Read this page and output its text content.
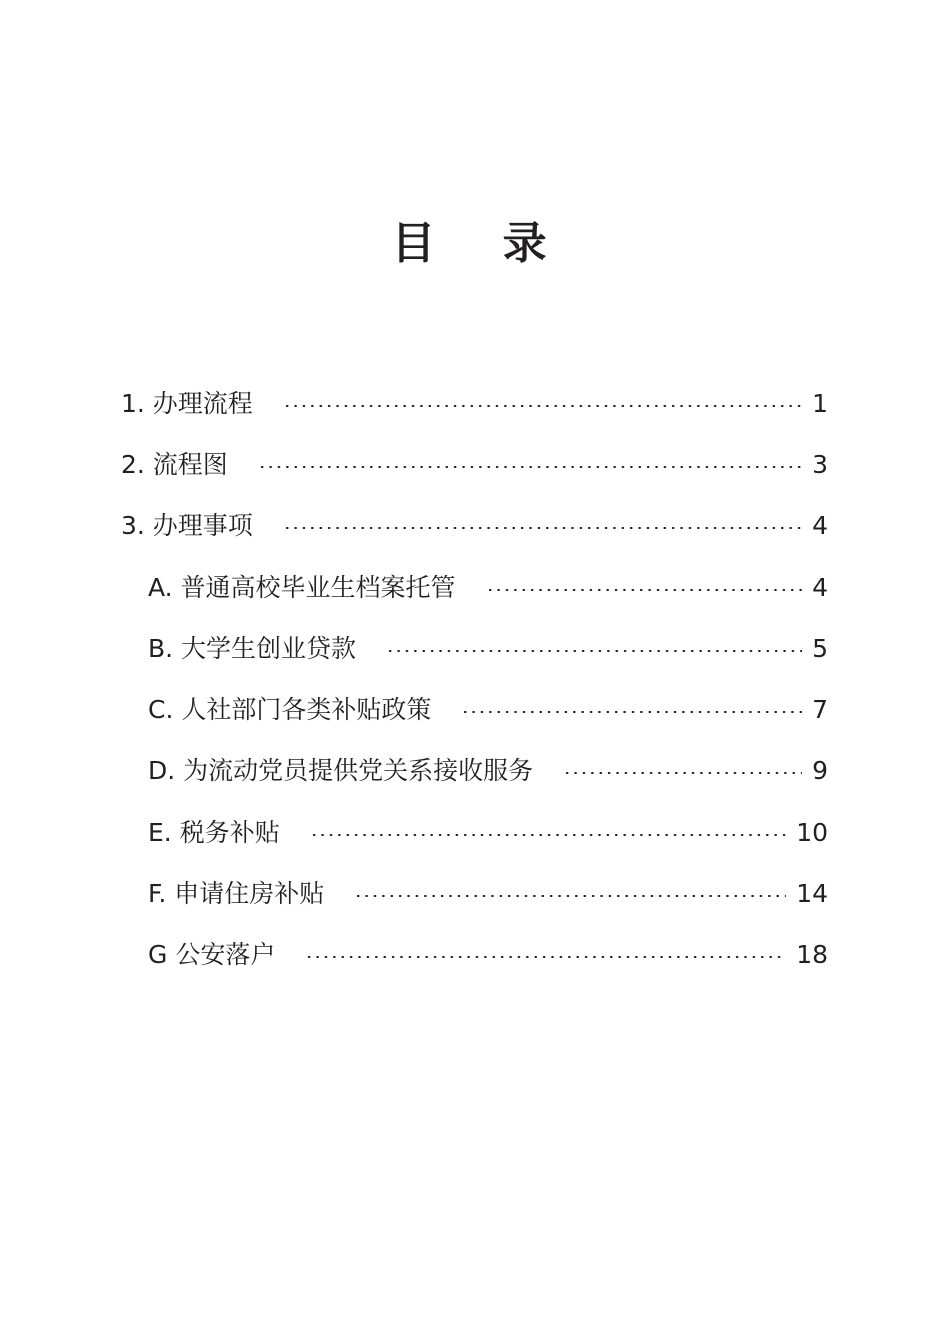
目 录
1. 办理流程	1
2. 流程图	3
3. 办理事项	4
A. 普通高校毕业生档案托管	4
B. 大学生创业贷款	5
C. 人社部门各类补贴政策	7
D. 为流动党员提供党关系接收服务	9
E. 税务补贴	10
F. 申请住房补贴	14
G 公安落户	18
